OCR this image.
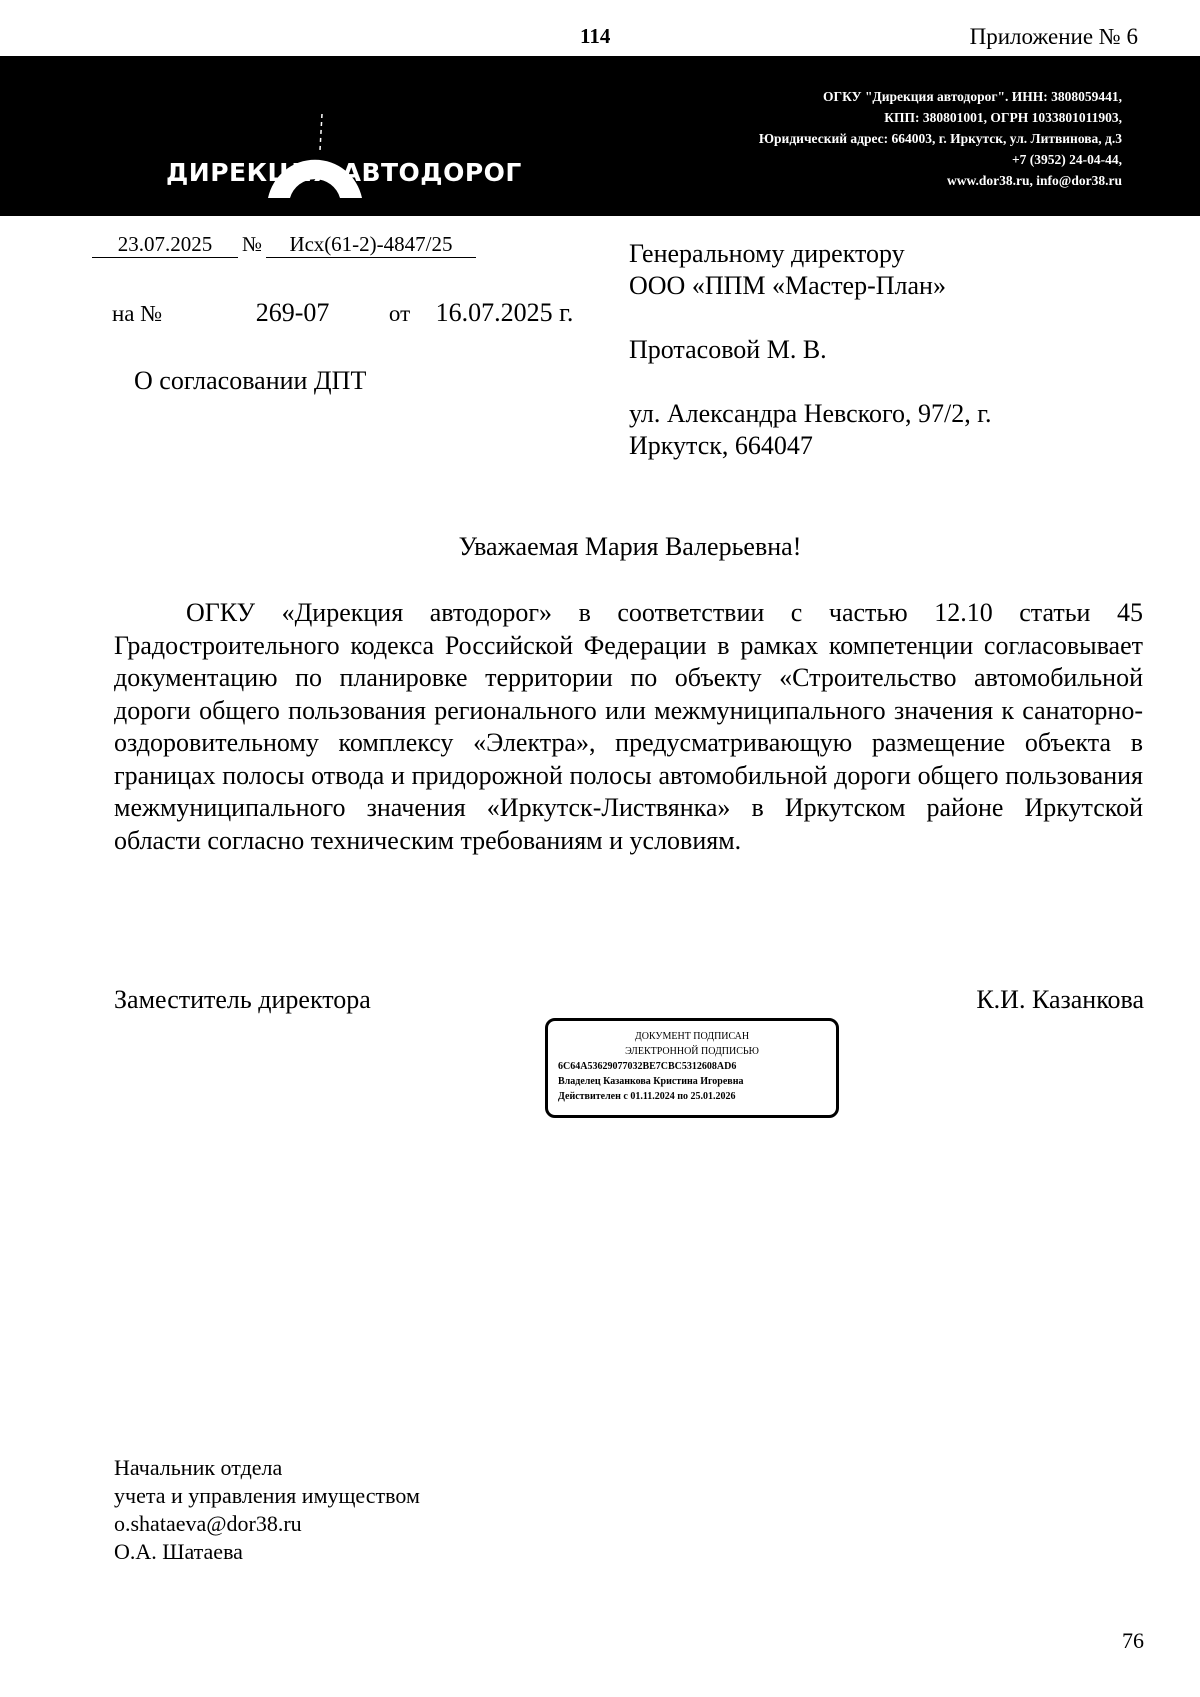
114	Приложение № 6
ДИРЕКЦИЯ АВТОДОРОГ
ОГКУ "Дирекция автодорог". ИНН: 3808059441,
КПП: 380801001, ОГРН 1033801011903,
Юридический адрес: 664003, г. Иркутск, ул. Литвинова, д.3
+7 (3952) 24-04-44,
www.dor38.ru, info@dor38.ru
23.07.2025 № Исх(61-2)-4847/25
на №	269-07	от 16.07.2025 г.
О согласовании ДПТ
Генеральному директору
ООО «ППМ «Мастер-План»
Протасовой М. В.
ул. Александра Невского, 97/2, г.
Иркутск, 664047
Уважаемая Мария Валерьевна!
ОГКУ «Дирекция автодорог» в соответствии с частью 12.10 статьи 45 Градостроительного кодекса Российской Федерации в рамках компетенции согласовывает документацию по планировке территории по объекту «Строительство автомобильной дороги общего пользования регионального или межмуниципального значения к санаторно-оздоровительному комплексу «Электра», предусматривающую размещение объекта в границах полосы отвода и придорожной полосы автомобильной дороги общего пользования межмуниципального значения «Иркутск-Листвянка» в Иркутском районе Иркутской области согласно техническим требованиям и условиям.
Заместитель директора	К.И. Казанкова
ДОКУМЕНТ ПОДПИСАН
ЭЛЕКТРОННОЙ ПОДПИСЬЮ
6C64A53629077032BE7CBC5312608AD6
Владелец Казанкова Кристина Игоревна
Действителен с 01.11.2024 по 25.01.2026
Начальник отдела
учета и управления имуществом
o.shataeva@dor38.ru
О.А. Шатаева
76
